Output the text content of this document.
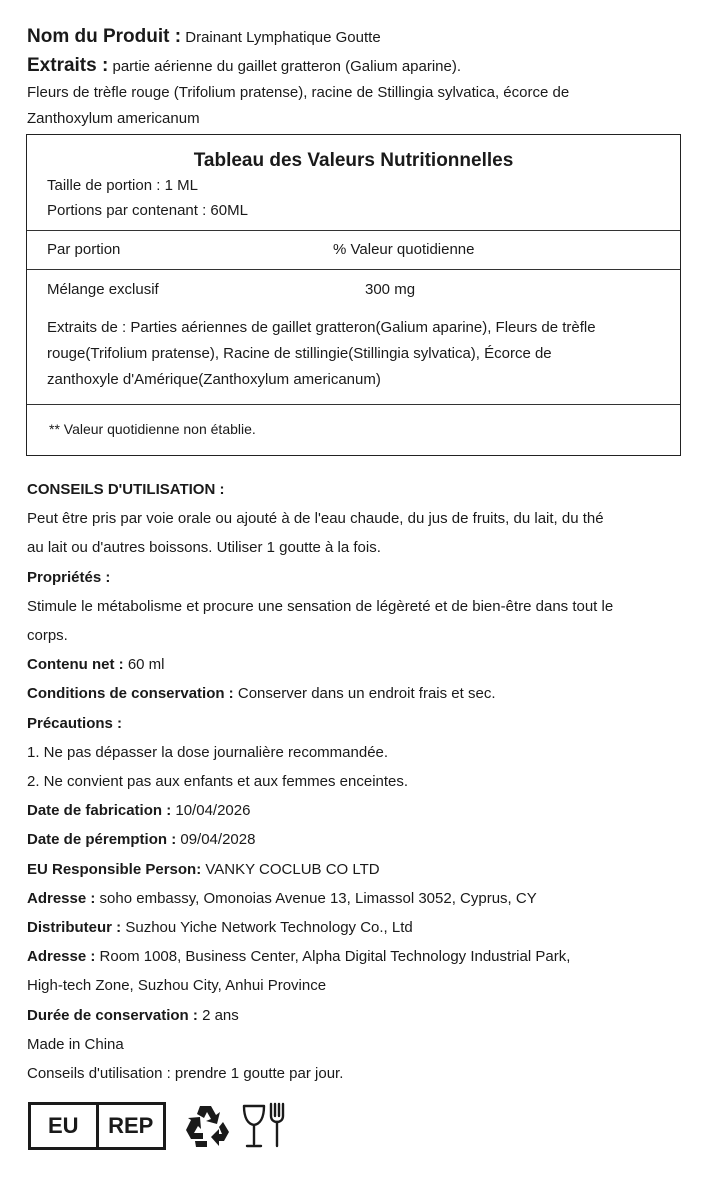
Nom du Produit : Drainant Lymphatique Goutte
Extraits : partie aérienne du gaillet gratteron (Galium aparine).
Fleurs de trèfle rouge (Trifolium pratense), racine de Stillingia sylvatica, écorce de
Zanthoxylum americanum
Tableau des Valeurs Nutritionnelles
Taille de portion : 1 ML
Portions par contenant : 60ML
Par portion	% Valeur quotidienne
Mélange exclusif	300 mg
Extraits de : Parties aériennes de gaillet gratteron(Galium aparine), Fleurs de trèfle
rouge(Trifolium pratense), Racine de stillingie(Stillingia sylvatica), Écorce de
zanthoxyle d'Amérique(Zanthoxylum americanum)
** Valeur quotidienne non établie.

CONSEILS D'UTILISATION :

Peut être pris par voie orale ou ajouté à de l'eau chaude, du jus de fruits, du lait, du thé

au lait ou d'autres boissons. Utiliser 1 goutte à la fois.

Propriétés :

Stimule le métabolisme et procure une sensation de légèreté et de bien-être dans tout le

corps.

Contenu net : 60 ml

Conditions de conservation : Conserver dans un endroit frais et sec.

Précautions :

1. Ne pas dépasser la dose journalière recommandée.

2. Ne convient pas aux enfants et aux femmes enceintes.

Date de fabrication : 10/04/2026

Date de péremption : 09/04/2028

EU Responsible Person: VANKY COCLUB CO LTD

Adresse : soho embassy, Omonoias Avenue 13, Limassol 3052, Cyprus, CY

Distributeur : Suzhou Yiche Network Technology Co., Ltd

Adresse : Room 1008, Business Center, Alpha Digital Technology Industrial Park,

High-tech Zone, Suzhou City, Anhui Province

Durée de conservation : 2 ans

Made in China

Conseils d'utilisation : prendre 1 goutte par jour.

EU	REP
